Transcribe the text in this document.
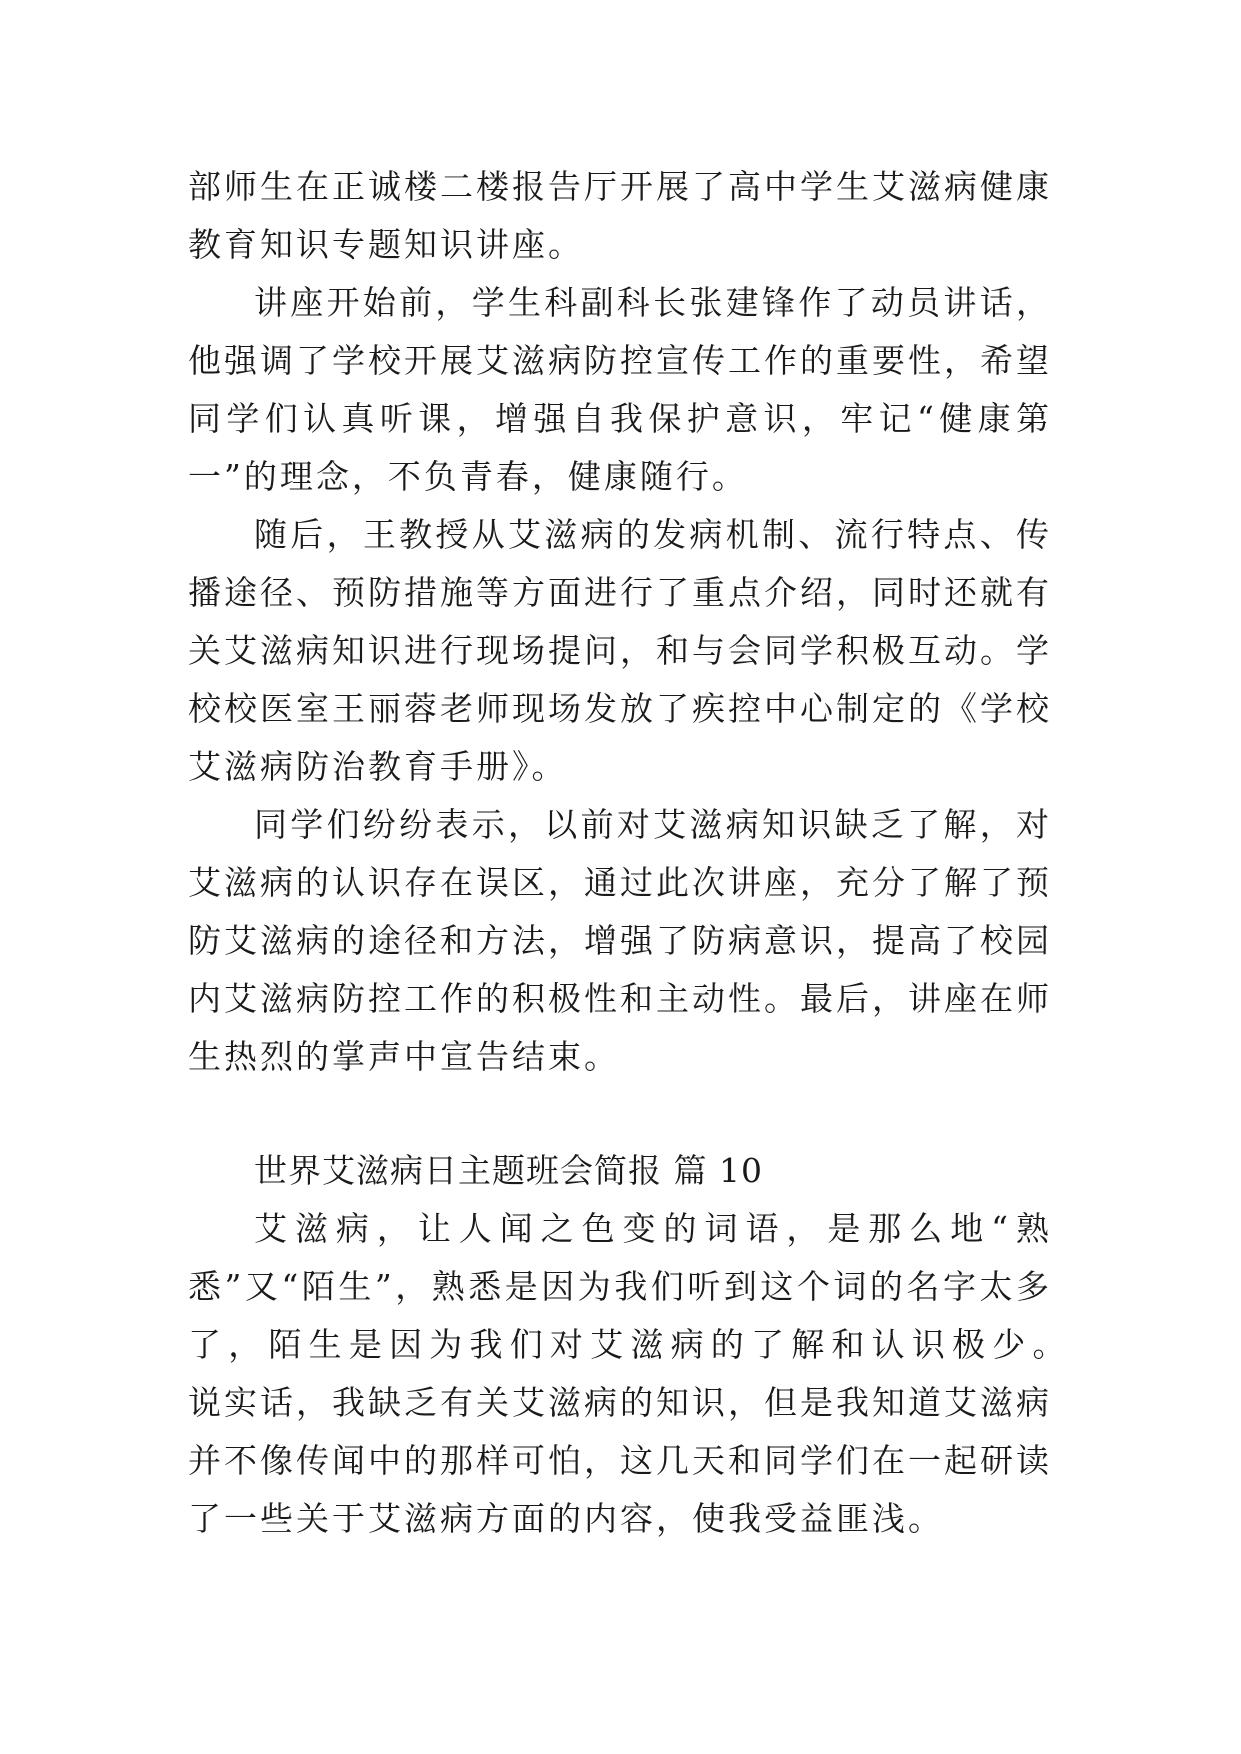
部师生在正诚楼二楼报告厅开展了高中学生艾滋病健康教育知识专题知识讲座。

讲座开始前，学生科副科长张建锋作了动员讲话，他强调了学校开展艾滋病防控宣传工作的重要性，希望同学们认真听课，增强自我保护意识，牢记“健康第一”的理念，不负青春，健康随行。

随后，王教授从艾滋病的发病机制、流行特点、传播途径、预防措施等方面进行了重点介绍，同时还就有关艾滋病知识进行现场提问，和与会同学积极互动。学校校医室王丽蓉老师现场发放了疾控中心制定的《学校艾滋病防治教育手册》。

同学们纷纷表示，以前对艾滋病知识缺乏了解，对艾滋病的认识存在误区，通过此次讲座，充分了解了预防艾滋病的途径和方法，增强了防病意识，提高了校园内艾滋病防控工作的积极性和主动性。最后，讲座在师生热烈的掌声中宣告结束。

世界艾滋病日主题班会简报 篇 10

艾滋病，让人闻之色变的词语，是那么地“熟悉”又“陌生”，熟悉是因为我们听到这个词的名字太多了，陌生是因为我们对艾滋病的了解和认识极少。　　说实话，我缺乏有关艾滋病的知识，但是我知道艾滋病并不像传闻中的那样可怕，这几天和同学们在一起研读了一些关于艾滋病方面的内容，使我受益匪浅。
